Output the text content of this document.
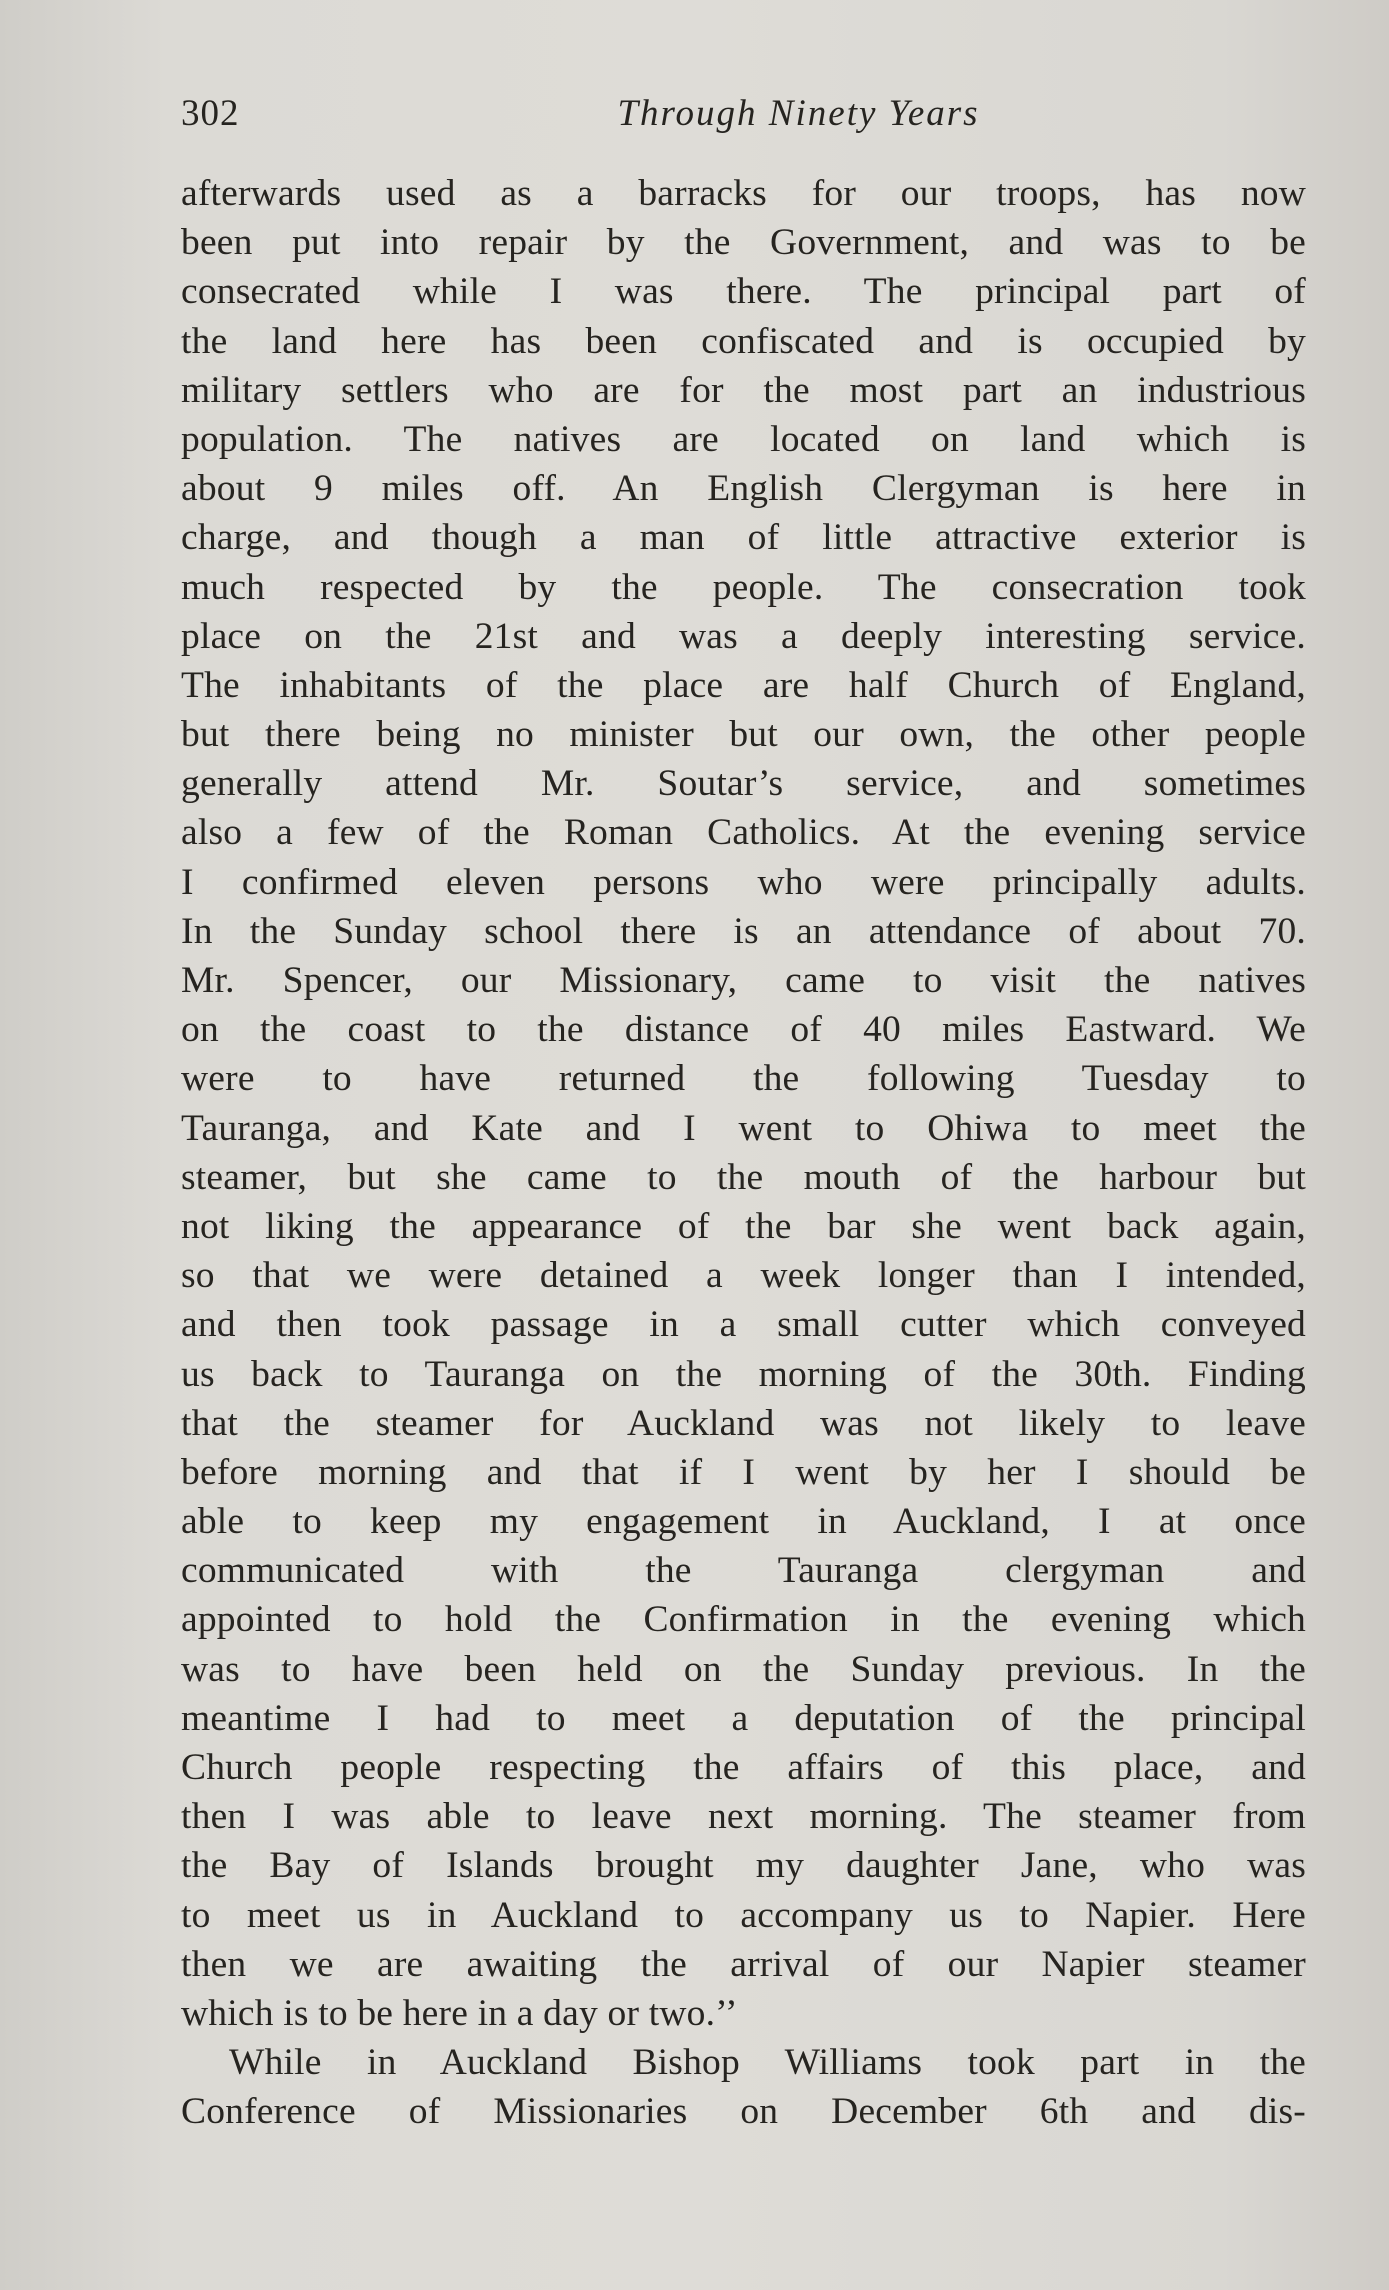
302	Through Ninety Years
afterwards used as a barracks for our troops, has now
been put into repair by the Government, and was to be
consecrated while I was there. The principal part of
the land here has been confiscated and is occupied by
military settlers who are for the most part an industrious
population. The natives are located on land which is
about 9 miles off. An English Clergyman is here in
charge, and though a man of little attractive exterior is
much respected by the people. The consecration took
place on the 21st and was a deeply interesting service.
The inhabitants of the place are half Church of England,
but there being no minister but our own, the other people
generally attend Mr. Soutar’s service, and sometimes
also a few of the Roman Catholics. At the evening service
I confirmed eleven persons who were principally adults.
In the Sunday school there is an attendance of about 70.
Mr. Spencer, our Missionary, came to visit the natives
on the coast to the distance of 40 miles Eastward. We
were to have returned the following Tuesday to
Tauranga, and Kate and I went to Ohiwa to meet the
steamer, but she came to the mouth of the harbour but
not liking the appearance of the bar she went back again,
so that we were detained a week longer than I intended,
and then took passage in a small cutter which conveyed
us back to Tauranga on the morning of the 30th. Finding
that the steamer for Auckland was not likely to leave
before morning and that if I went by her I should be
able to keep my engagement in Auckland, I at once
communicated with the Tauranga clergyman and
appointed to hold the Confirmation in the evening which
was to have been held on the Sunday previous. In the
meantime I had to meet a deputation of the principal
Church people respecting the affairs of this place, and
then I was able to leave next morning. The steamer from
the Bay of Islands brought my daughter Jane, who was
to meet us in Auckland to accompany us to Napier. Here
then we are awaiting the arrival of our Napier steamer
which is to be here in a day or two.’’
While in Auckland Bishop Williams took part in the
Conference of Missionaries on December 6th and dis-
